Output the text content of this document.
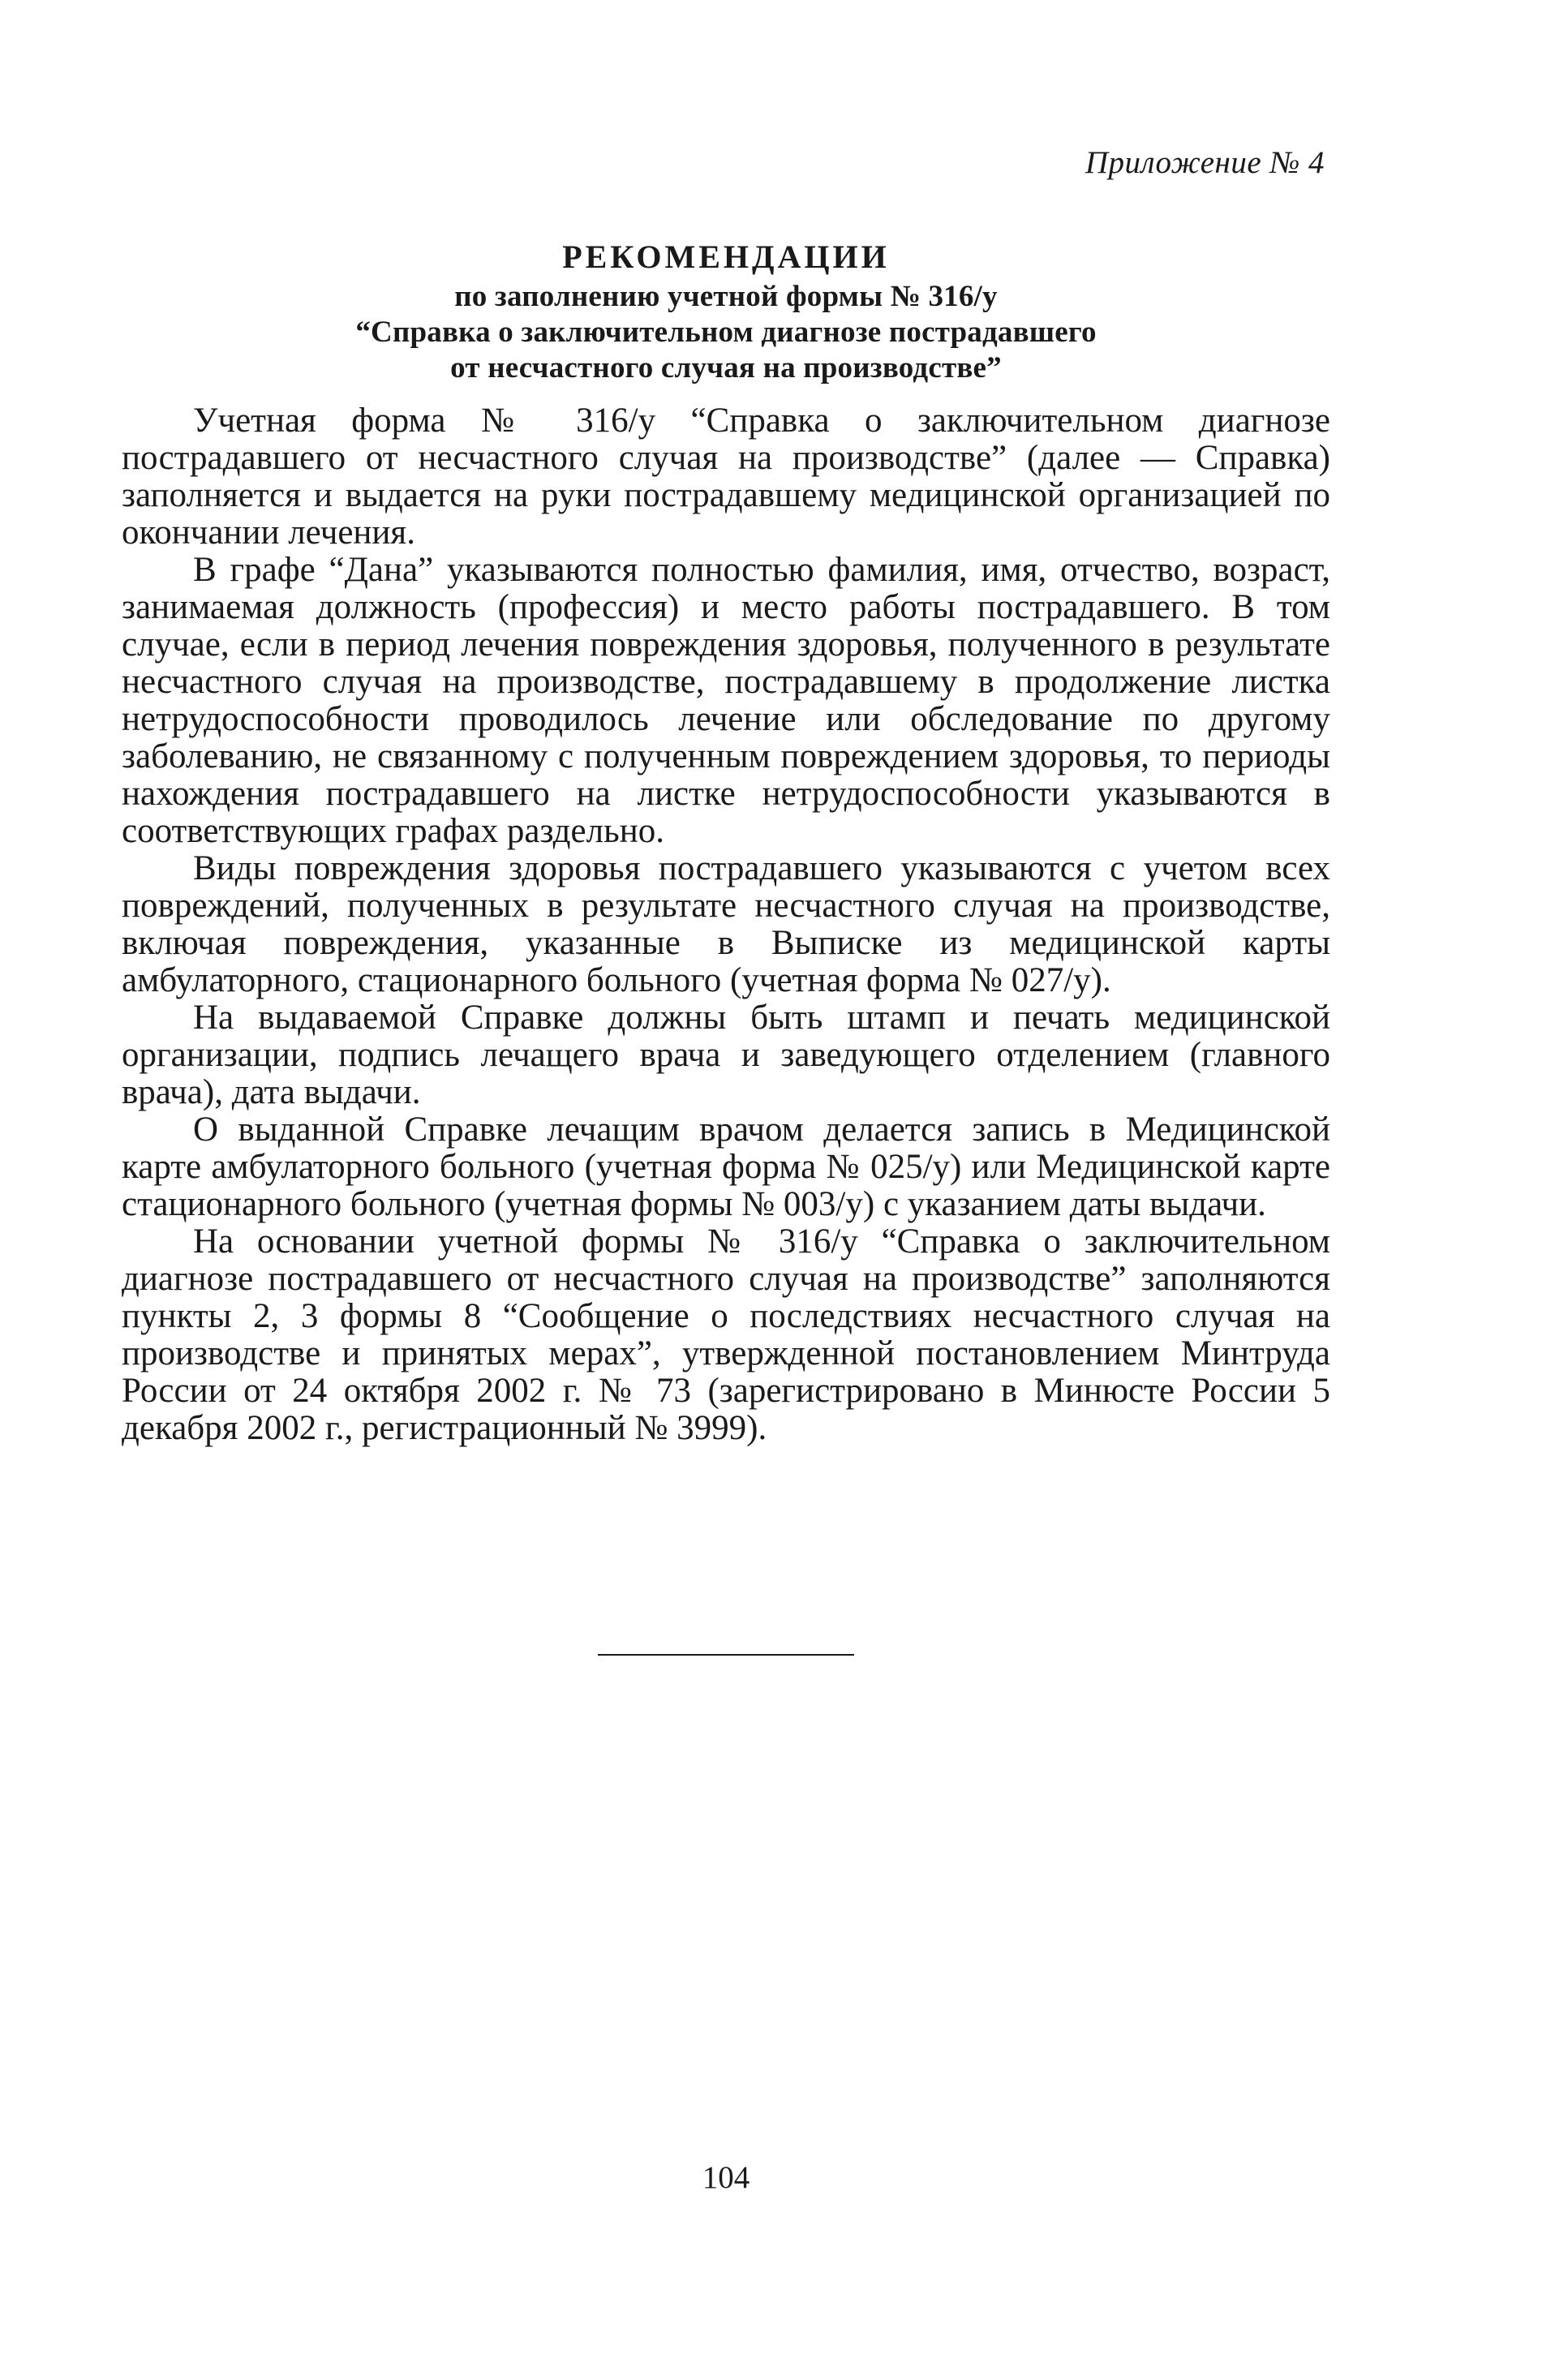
Приложение № 4
РЕКОМЕНДАЦИИ
по заполнению учетной формы № 316/у
“Справка о заключительном диагнозе пострадавшего
от несчастного случая на производстве”

Учетная форма № 316/у “Справка о заключительном диагнозе пострадавшего от несчастного случая на производстве” (далее — Справка) заполняется и выдается на руки пострадавшему медицинской организацией по окончании лечения.

В графе “Дана” указываются полностью фамилия, имя, отчество, возраст, занимаемая должность (профессия) и место работы пострадавшего. В том случае, если в период лечения повреждения здоровья, полученного в результате несчастного случая на производстве, пострадавшему в продолжение листка нетрудоспособности проводилось лечение или обследование по другому заболеванию, не связанному с полученным повреждением здоровья, то периоды нахождения пострадавшего на листке нетрудоспособности указываются в соответствующих графах раздельно.

Виды повреждения здоровья пострадавшего указываются с учетом всех повреждений, полученных в результате несчастного случая на производстве, включая повреждения, указанные в Выписке из медицинской карты амбулаторного, стационарного больного (учетная форма № 027/у).

На выдаваемой Справке должны быть штамп и печать медицинской организации, подпись лечащего врача и заведующего отделением (главного врача), дата выдачи.

О выданной Справке лечащим врачом делается запись в Медицинской карте амбулаторного больного (учетная форма № 025/у) или Медицинской карте стационарного больного (учетная формы № 003/у) с указанием даты выдачи.

На основании учетной формы № 316/у “Справка о заключительном диагнозе пострадавшего от несчастного случая на производстве” заполняются пункты 2, 3 формы 8 “Сообщение о последствиях несчастного случая на производстве и принятых мерах”, утвержденной постановлением Минтруда России от 24 октября 2002 г. № 73 (зарегистрировано в Минюсте России 5 декабря 2002 г., регистрационный № 3999).

104
